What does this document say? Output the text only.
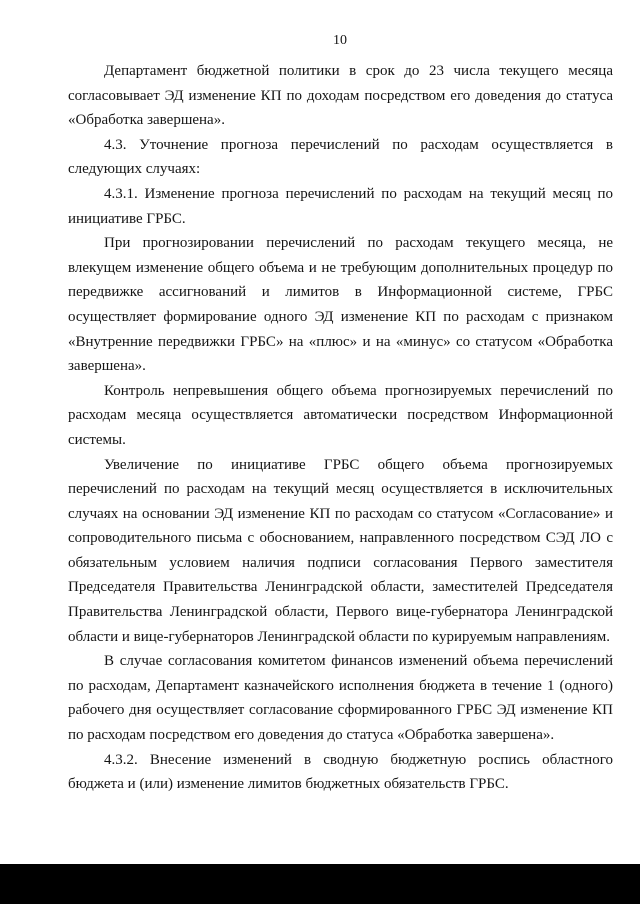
10

Департамент бюджетной политики в срок до 23 числа текущего месяца согласовывает ЭД изменение КП по доходам посредством его доведения до статуса «Обработка завершена».

4.3. Уточнение прогноза перечислений по расходам осуществляется в следующих случаях:

4.3.1. Изменение прогноза перечислений по расходам на текущий месяц по инициативе ГРБС.

При прогнозировании перечислений по расходам текущего месяца, не влекущем изменение общего объема и не требующим дополнительных процедур по передвижке ассигнований и лимитов в Информационной системе, ГРБС осуществляет формирование одного ЭД изменение КП по расходам с признаком «Внутренние передвижки ГРБС» на «плюс» и на «минус» со статусом «Обработка завершена».

Контроль непревышения общего объема прогнозируемых перечислений по расходам месяца осуществляется автоматически посредством Информационной системы.

Увеличение по инициативе ГРБС общего объема прогнозируемых перечислений по расходам на текущий месяц осуществляется в исключительных случаях на основании ЭД изменение КП по расходам со статусом «Согласование» и сопроводительного письма с обоснованием, направленного посредством СЭД ЛО с обязательным условием наличия подписи согласования Первого заместителя Председателя Правительства Ленинградской области, заместителей Председателя Правительства Ленинградской области, Первого вице-губернатора Ленинградской области и вице-губернаторов Ленинградской области по курируемым направлениям.

В случае согласования комитетом финансов изменений объема перечислений по расходам, Департамент казначейского исполнения бюджета в течение 1 (одного) рабочего дня осуществляет согласование сформированного ГРБС ЭД изменение КП по расходам посредством его доведения до статуса «Обработка завершена».

4.3.2. Внесение изменений в сводную бюджетную роспись областного бюджета и (или) изменение лимитов бюджетных обязательств ГРБС.
